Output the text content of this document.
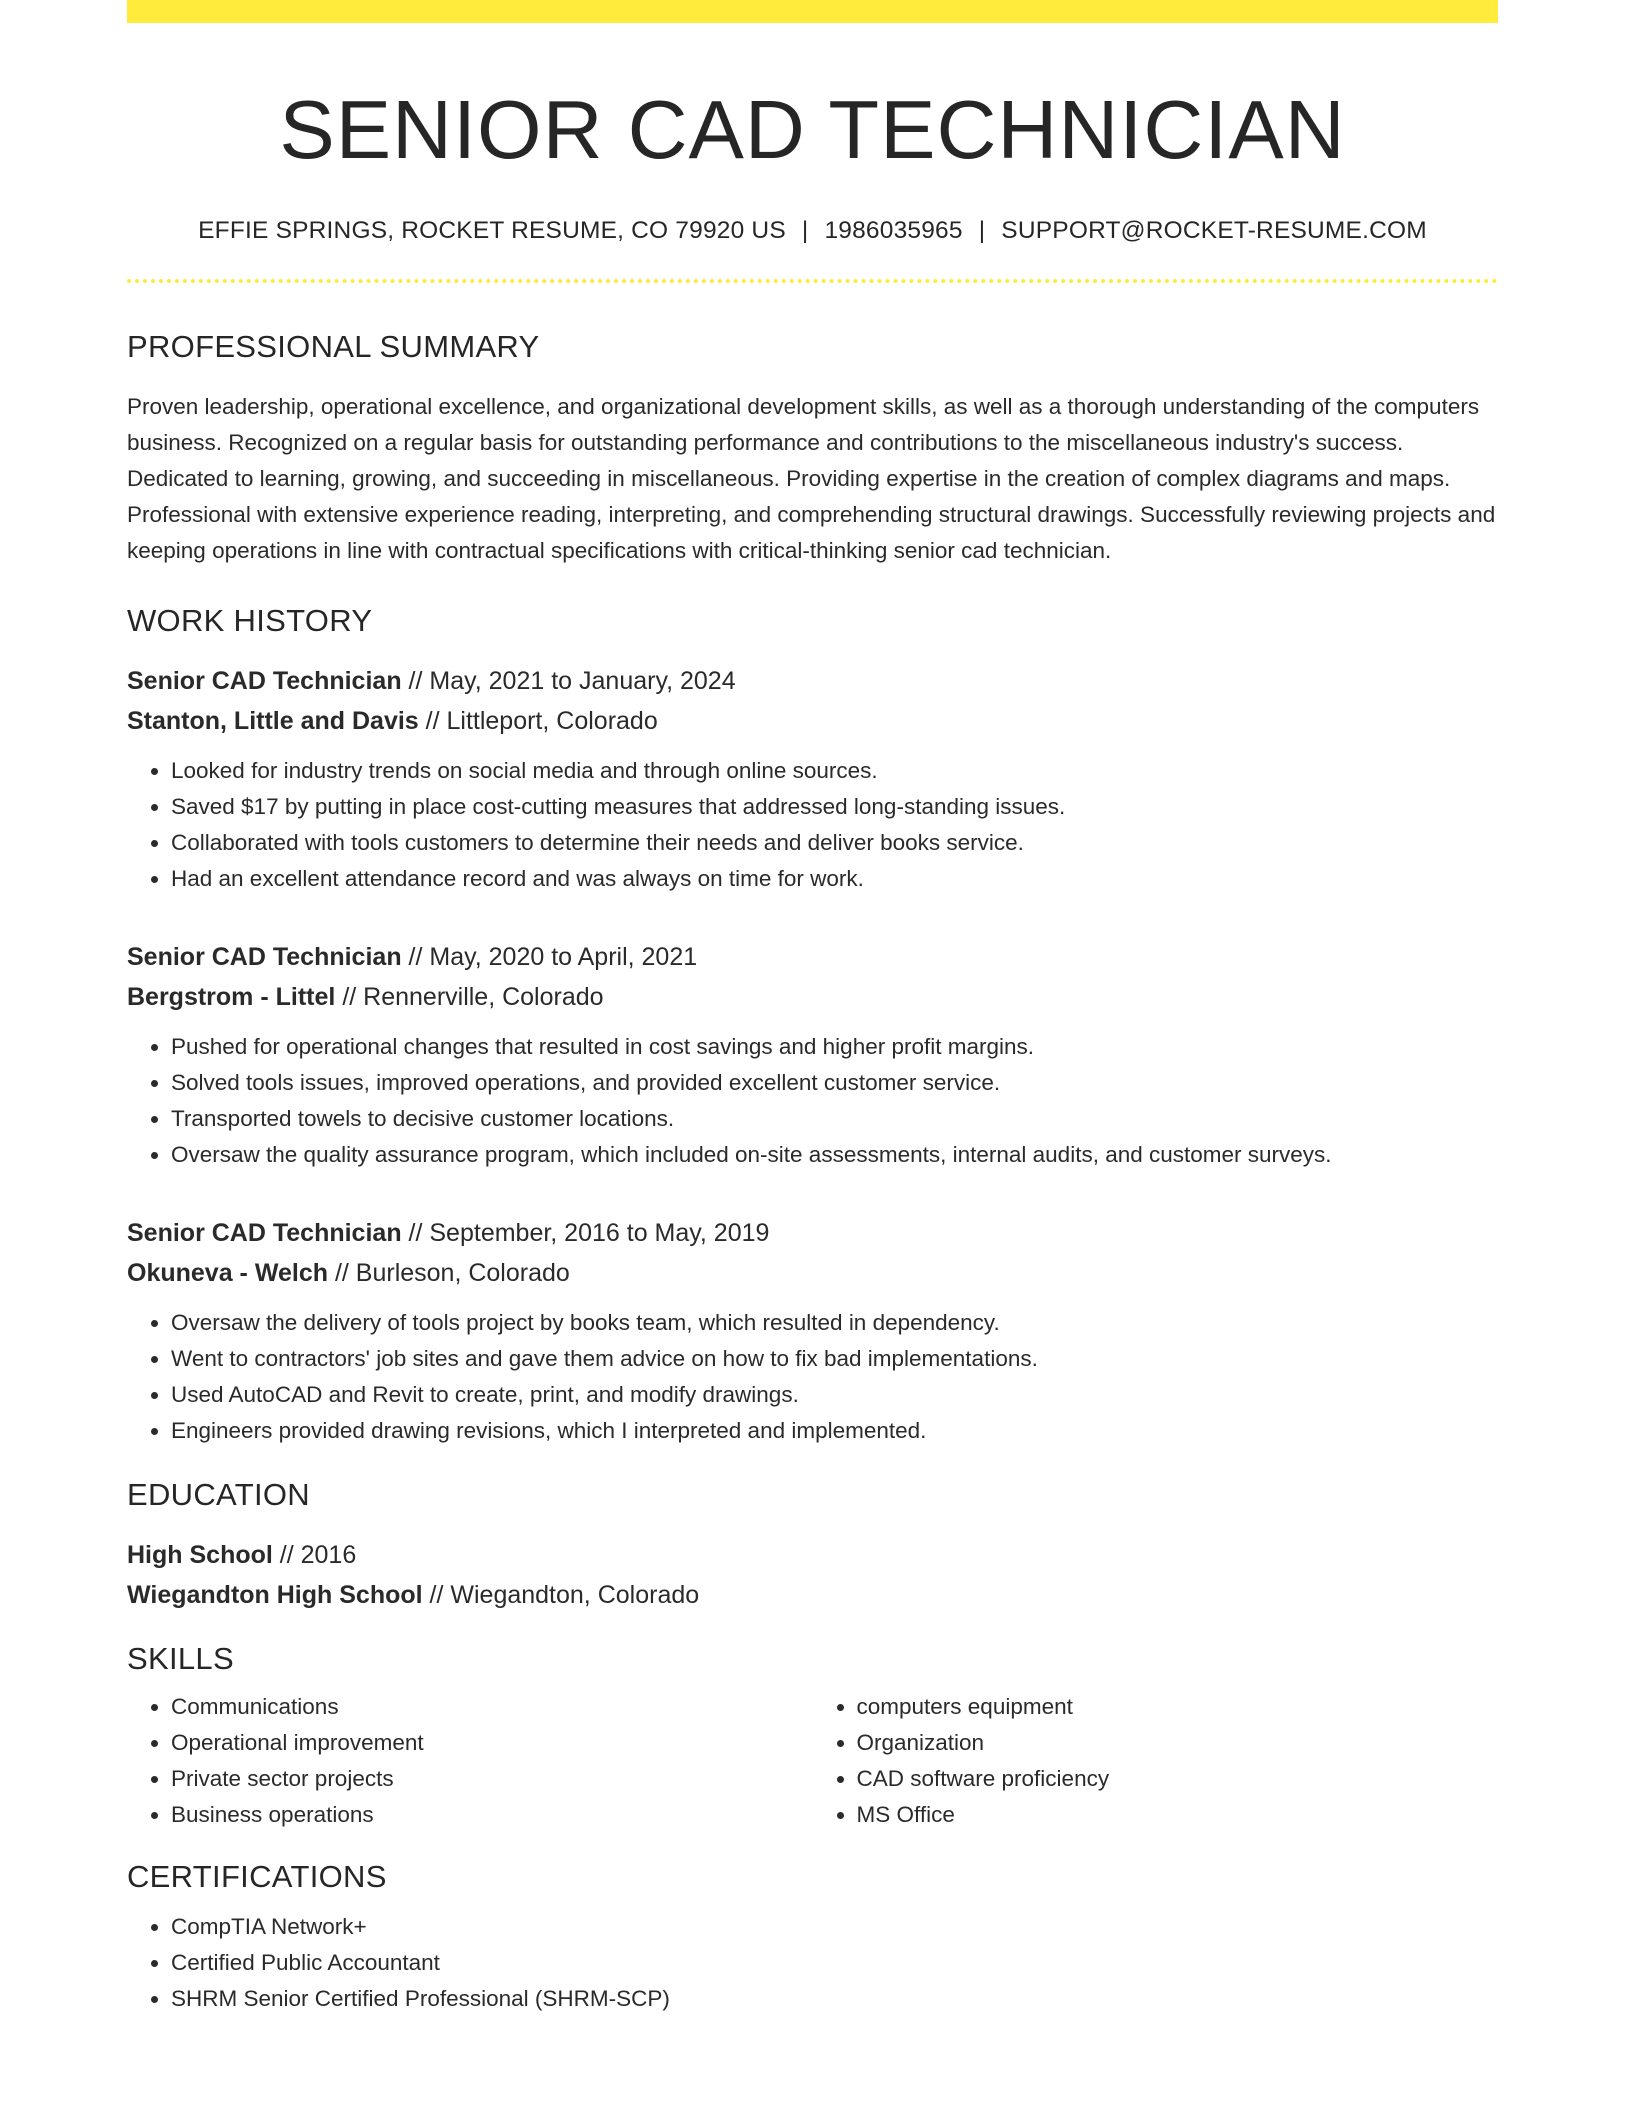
SENIOR CAD TECHNICIAN
EFFIE SPRINGS, ROCKET RESUME, CO 79920 US | 1986035965 | SUPPORT@ROCKET-RESUME.COM
PROFESSIONAL SUMMARY
Proven leadership, operational excellence, and organizational development skills, as well as a thorough understanding of the computers business. Recognized on a regular basis for outstanding performance and contributions to the miscellaneous industry's success. Dedicated to learning, growing, and succeeding in miscellaneous. Providing expertise in the creation of complex diagrams and maps. Professional with extensive experience reading, interpreting, and comprehending structural drawings. Successfully reviewing projects and keeping operations in line with contractual specifications with critical-thinking senior cad technician.
WORK HISTORY
Senior CAD Technician // May, 2021 to January, 2024
Stanton, Little and Davis // Littleport, Colorado
• Looked for industry trends on social media and through online sources.
• Saved $17 by putting in place cost-cutting measures that addressed long-standing issues.
• Collaborated with tools customers to determine their needs and deliver books service.
• Had an excellent attendance record and was always on time for work.
Senior CAD Technician // May, 2020 to April, 2021
Bergstrom - Littel // Rennerville, Colorado
• Pushed for operational changes that resulted in cost savings and higher profit margins.
• Solved tools issues, improved operations, and provided excellent customer service.
• Transported towels to decisive customer locations.
• Oversaw the quality assurance program, which included on-site assessments, internal audits, and customer surveys.
Senior CAD Technician // September, 2016 to May, 2019
Okuneva - Welch // Burleson, Colorado
• Oversaw the delivery of tools project by books team, which resulted in dependency.
• Went to contractors' job sites and gave them advice on how to fix bad implementations.
• Used AutoCAD and Revit to create, print, and modify drawings.
• Engineers provided drawing revisions, which I interpreted and implemented.
EDUCATION
High School // 2016
Wiegandton High School // Wiegandton, Colorado
SKILLS
• Communications
• Operational improvement
• Private sector projects
• Business operations
• computers equipment
• Organization
• CAD software proficiency
• MS Office
CERTIFICATIONS
• CompTIA Network+
• Certified Public Accountant
• SHRM Senior Certified Professional (SHRM-SCP)
